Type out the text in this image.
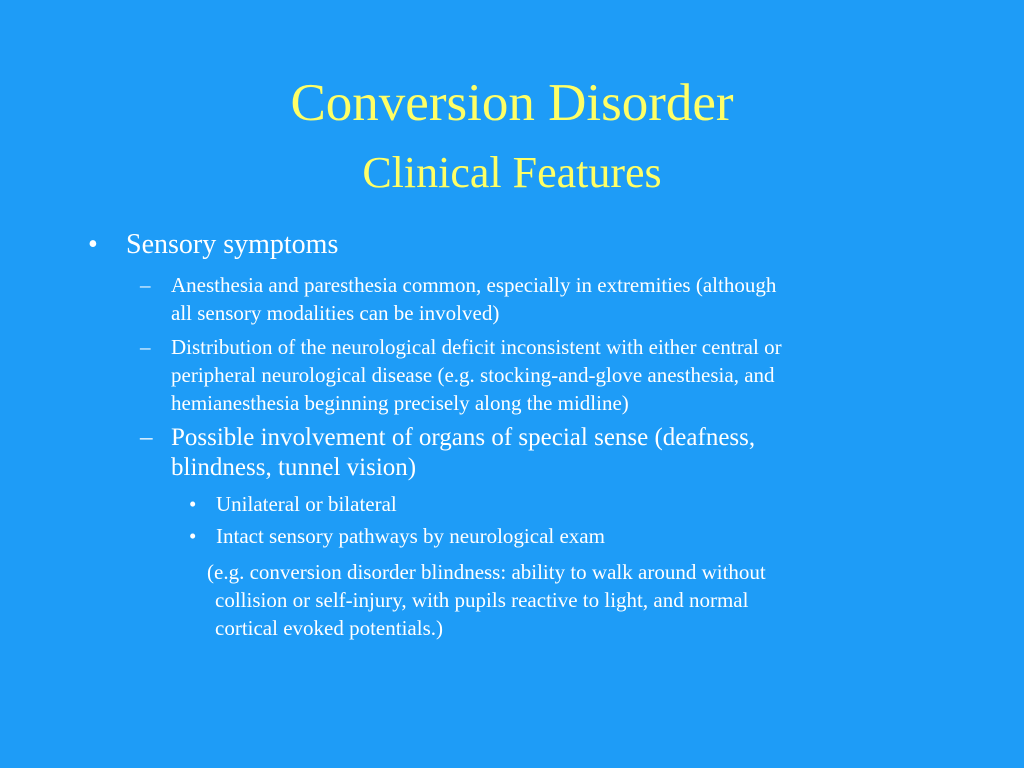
Conversion Disorder
Clinical Features
• Sensory symptoms
– Anesthesia and paresthesia common, especially in extremities (although
all sensory modalities can be involved)
– Distribution of the neurological deficit inconsistent with either central or
peripheral neurological disease (e.g. stocking-and-glove anesthesia, and
hemianesthesia beginning precisely along the midline)
– Possible involvement of organs of special sense (deafness,
blindness, tunnel vision)
• Unilateral or bilateral
• Intact sensory pathways by neurological exam
(e.g. conversion disorder blindness: ability to walk around without
collision or self-injury, with pupils reactive to light, and normal
cortical evoked potentials.)
